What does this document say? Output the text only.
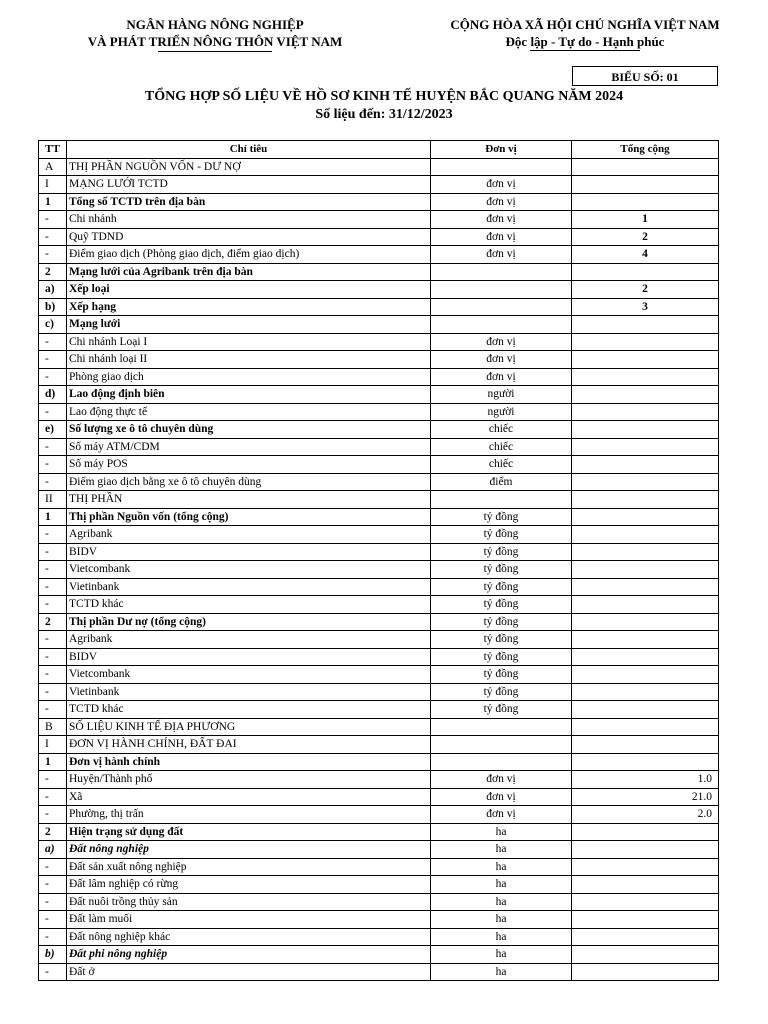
NGÂN HÀNG NÔNG NGHIỆP
VÀ PHÁT TRIỂN NÔNG THÔN VIỆT NAM
CỘNG HÒA XÃ HỘI CHỦ NGHĨA VIỆT NAM
Độc lập - Tự do - Hạnh phúc
BIỂU SỐ: 01
TỔNG HỢP SỐ LIỆU VỀ HỒ SƠ KINH TẾ HUYỆN BẮC QUANG NĂM 2024
Số liệu đến: 31/12/2023
TT	Chỉ tiêu	Đơn vị	Tổng cộng
A	THỊ PHẦN NGUỒN VỐN - DƯ NỢ		
I	MẠNG LƯỚI TCTD	đơn vị	
1	Tổng số TCTD trên địa bàn	đơn vị	
-	Chi nhánh	đơn vị	1
-	Quỹ TDND	đơn vị	2
-	Điểm giao dịch (Phòng giao dịch, điểm giao dịch)	đơn vị	4
2	Mạng lưới của Agribank trên địa bàn		
a)	Xếp loại		2
b)	Xếp hạng		3
c)	Mạng lưới		
-	Chi nhánh Loại I	đơn vị	
-	Chi nhánh loại II	đơn vị	
-	Phòng giao dịch	đơn vị	
d)	Lao động định biên	người	
-	Lao động thực tế	người	
e)	Số lượng xe ô tô chuyên dùng	chiếc	
-	Số máy ATM/CDM	chiếc	
-	Số máy POS	chiếc	
-	Điểm giao dịch bằng xe ô tô chuyên dùng	điểm	
II	THỊ PHẦN		
1	Thị phần Nguồn vốn (tổng cộng)	tỷ đồng	
-	Agribank	tỷ đồng	
-	BIDV	tỷ đồng	
-	Vietcombank	tỷ đồng	
-	Vietinbank	tỷ đồng	
-	TCTD khác	tỷ đồng	
2	Thị phần Dư nợ (tổng cộng)	tỷ đồng	
-	Agribank	tỷ đồng	
-	BIDV	tỷ đồng	
-	Vietcombank	tỷ đồng	
-	Vietinbank	tỷ đồng	
-	TCTD khác	tỷ đồng	
B	SỐ LIỆU KINH TẾ ĐỊA PHƯƠNG		
I	ĐƠN VỊ HÀNH CHÍNH, ĐẤT ĐAI		
1	Đơn vị hành chính		
-	Huyện/Thành phố	đơn vị	1.0
-	Xã	đơn vị	21.0
-	Phường, thị trấn	đơn vị	2.0
2	Hiện trạng sử dụng đất	ha	
a)	Đất nông nghiệp	ha	
-	Đất sản xuất nông nghiệp	ha	
-	Đất lâm nghiệp có rừng	ha	
-	Đất nuôi trồng thủy sản	ha	
-	Đất làm muối	ha	
-	Đất nông nghiệp khác	ha	
b)	Đất phi nông nghiệp	ha	
-	Đất ở	ha	
